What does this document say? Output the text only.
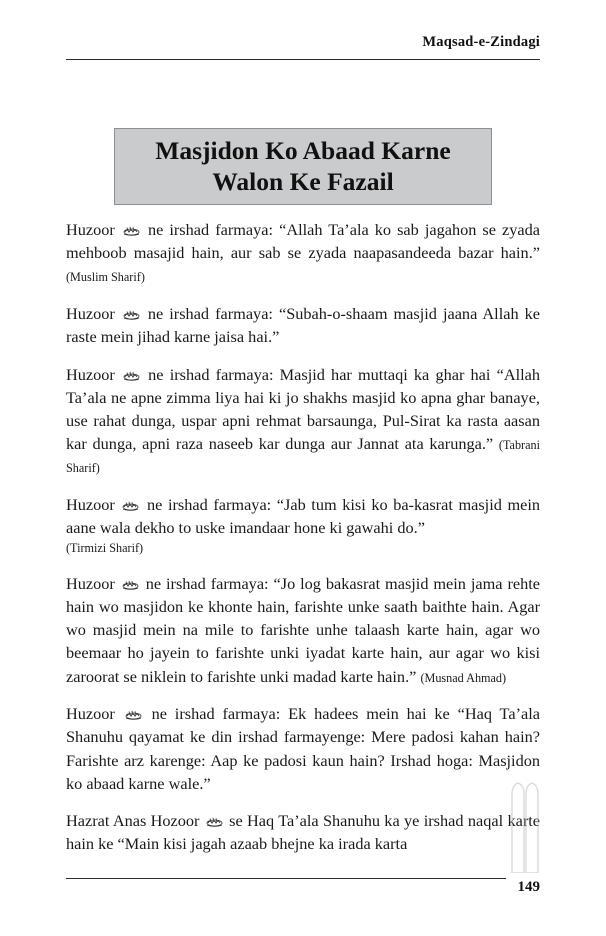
Maqsad-e-Zindagi
Masjidon Ko Abaad Karne
Walon Ke Fazail

Huzoor
ne irshad farmaya: “Allah Ta’ala ko sab jagahon se zyada mehboob masajid hain, aur sab se zyada naapasandeeda bazar hain.” (Muslim Sharif)

Huzoor
ne irshad farmaya: “Subah-o-shaam masjid jaana Allah ke raste mein jihad karne jaisa hai.”

Huzoor
ne irshad farmaya: Masjid har muttaqi ka ghar hai “Allah Ta’ala ne apne zimma liya hai ki jo shakhs masjid ko apna ghar banaye, use rahat dunga, uspar apni rehmat barsaunga, Pul-Sirat ka rasta aasan kar dunga, apni raza naseeb kar dunga aur Jannat ata karunga.” (Tabrani Sharif)

Huzoor
ne irshad farmaya: “Jab tum kisi ko ba-kasrat masjid mein aane wala dekho to uske imandaar hone ki gawahi do.”
(Tirmizi Sharif)

Huzoor
ne irshad farmaya: “Jo log bakasrat masjid mein jama rehte hain wo masjidon ke khonte hain, farishte unke saath baithte hain. Agar wo masjid mein na mile to farishte unhe talaash karte hain, agar wo beemaar ho jayein to farishte unki iyadat karte hain, aur agar wo kisi zaroorat se niklein to farishte unki madad karte hain.” (Musnad Ahmad)

Huzoor
ne irshad farmaya: Ek hadees mein hai ke “Haq Ta’ala Shanuhu qayamat ke din irshad farmayenge: Mere padosi kahan hain? Farishte arz karenge: Aap ke padosi kaun hain? Irshad hoga: Masjidon ko abaad karne wale.”

Hazrat Anas Hozoor
se Haq Ta’ala Shanuhu ka ye irshad naqal karte hain ke “Main kisi jagah azaab bhejne ka irada karta

149
